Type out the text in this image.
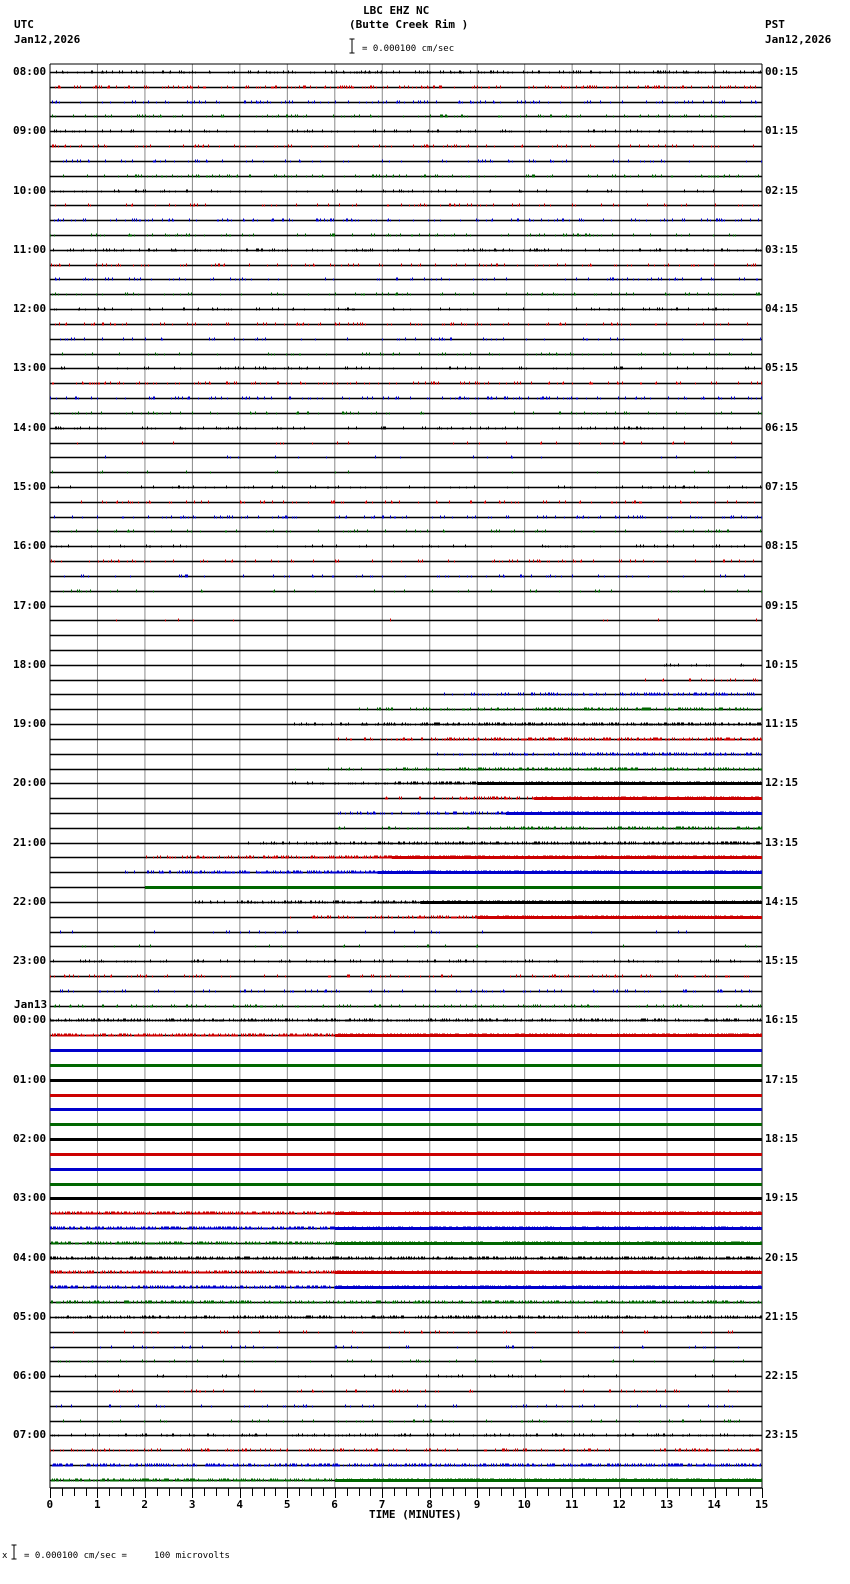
LBC EHZ NC
(Butte Creek Rim )
= 0.000100 cm/sec
UTC
Jan12,2026
PST
Jan12,2026
08:00
09:00
10:00
11:00
12:00
13:00
14:00
15:00
16:00
17:00
18:00
19:00
20:00
21:00
22:00
23:00
Jan13
00:00
01:00
02:00
03:00
04:00
05:00
06:00
07:00
00:15
01:15
02:15
03:15
04:15
05:15
06:15
07:15
08:15
09:15
10:15
11:15
12:15
13:15
14:15
15:15
16:15
17:15
18:15
19:15
20:15
21:15
22:15
23:15
0	1	2	3	4	5	6	7	8	9	10	11	12	13	14	15
TIME (MINUTES)
x = 0.000100 cm/sec =     100 microvolts
